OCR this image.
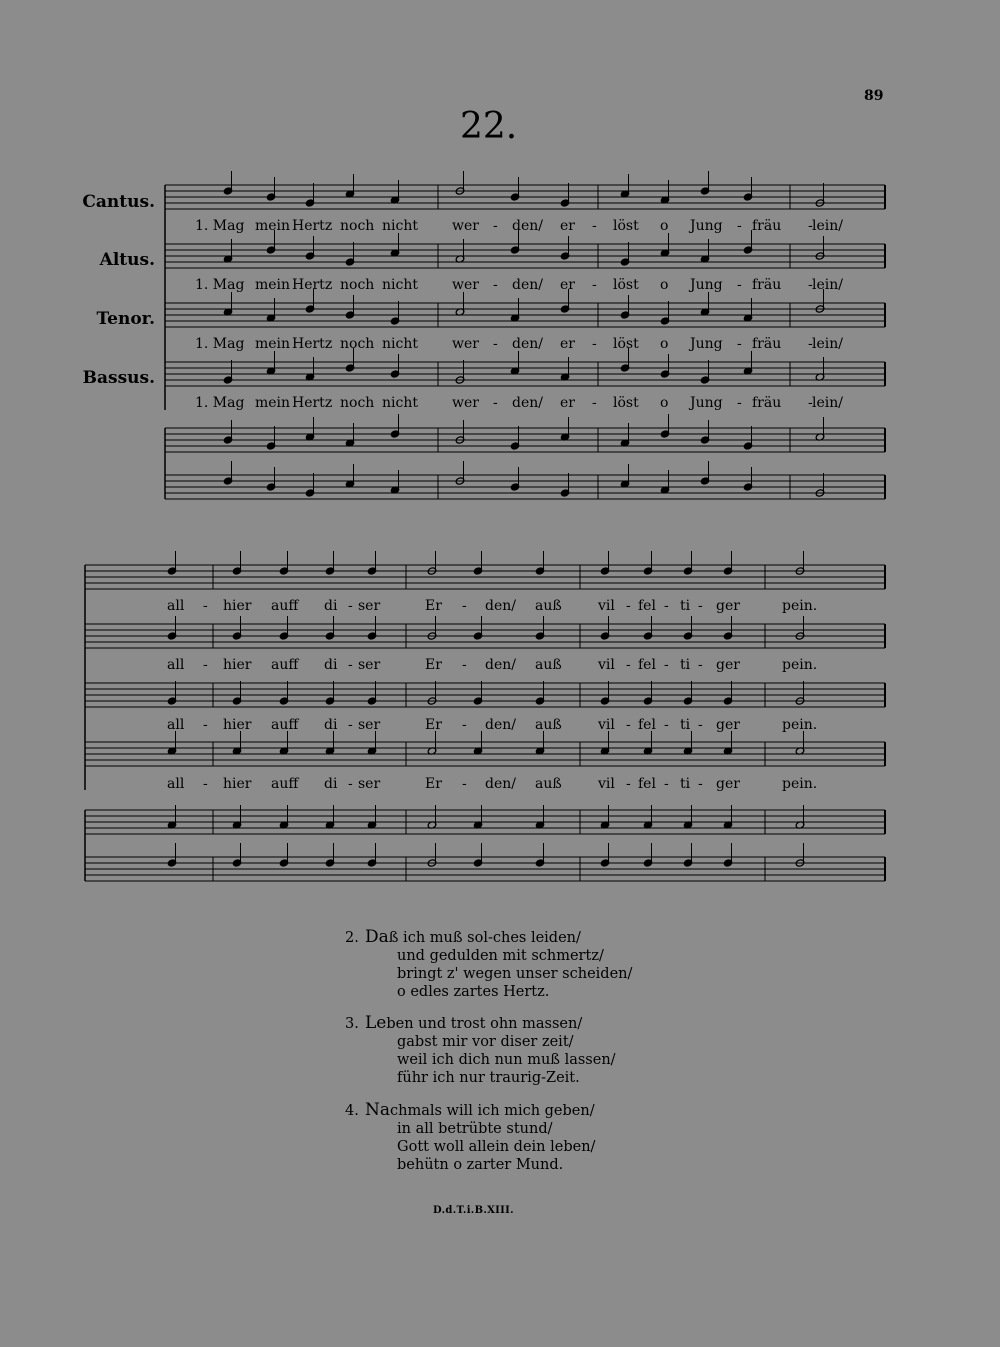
89
22.
Cantus.
Altus.
Tenor.
Bassus.
1. Mag mein Hertz noch nicht wer - den/ er - löst o Jung - fräu - lein/
1. Mag mein Hertz noch nicht wer - den/ er - löst o Jung - fräu - lein/
1. Mag mein Hertz noch nicht wer - den/ er - löst o Jung - fräu - lein/
1. Mag mein Hertz noch nicht wer - den/ er - löst o Jung - fräu - lein/
all - hier auff di - ser	Er - den/ auß	vil - fel - ti - ger	pein.
all - hier auff di - ser	Er - den/ auß	vil - fel - ti - ger	pein.
all - hier auff di - ser	Er - den/ auß	vil - fel - ti - ger	pein.
all - hier auff di - ser	Er - den/ auß	vil - fel - ti - ger	pein.
2. Daß ich muß sol-ches leiden/
und gedulden mit schmertz/
bringt z' wegen unser scheiden/
o edles zartes Hertz.
3. Leben und trost ohn massen/
gabst mir vor diser zeit/
weil ich dich nun muß lassen/
führ ich nur traurig-Zeit.
4. Nachmals will ich mich geben/
in all betrübte stund/
Gott woll allein dein leben/
behütn o zarter Mund.
D.d.T.i.B.XIII.
